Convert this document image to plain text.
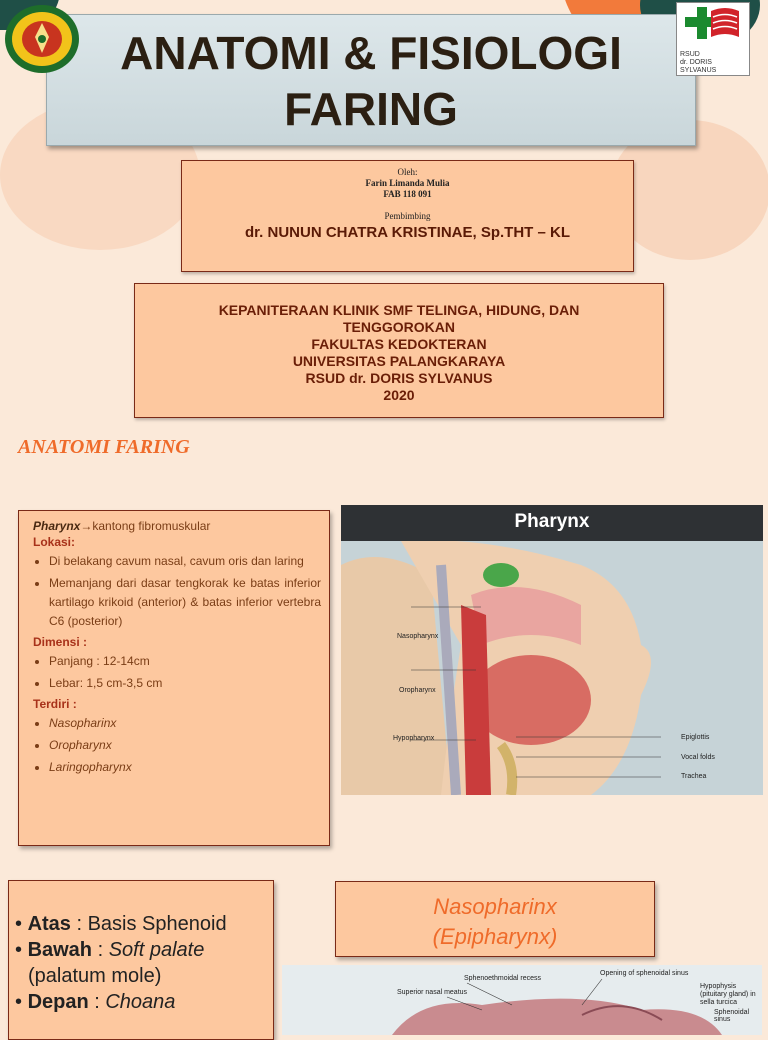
ANATOMI & FISIOLOGI
FARING
RSUD
dr. DORIS SYLVANUS
Oleh:
Farin Limanda Mulia
FAB 118 091
Pembimbing
dr. NUNUN CHATRA KRISTINAE, Sp.THT – KL
KEPANITERAAN KLINIK SMF TELINGA, HIDUNG, DAN
TENGGOROKAN
FAKULTAS KEDOKTERAN
UNIVERSITAS PALANGKARAYA
RSUD dr. DORIS SYLVANUS
2020
ANATOMI FARING
Pharynx→kantong fibromuskular
Lokasi:
• Di belakang cavum nasal, cavum oris dan laring
• Memanjang dari dasar tengkorak ke batas inferior kartilago krikoid (anterior) & batas inferior vertebra C6 (posterior)
Dimensi :
• Panjang : 12-14cm
• Lebar: 1,5 cm-3,5 cm
Terdiri :
• Nasopharinx
• Oropharynx
• Laringopharynx
Pharynx
Nasopharynx
Oropharynx
Hypopharynx	Epiglottis
Vocal folds
Trachea
• Atas : Basis Sphenoid
• Bawah : Soft palate
(palatum mole)
• Depan : Choana
Nasopharinx
(Epipharynx)
Sphenoethmoidal recess
Opening of sphenoidal sinus
Superior nasal meatus
Hypophysis (pituitary gland) in sella turcica
Sphenoidal sinus
